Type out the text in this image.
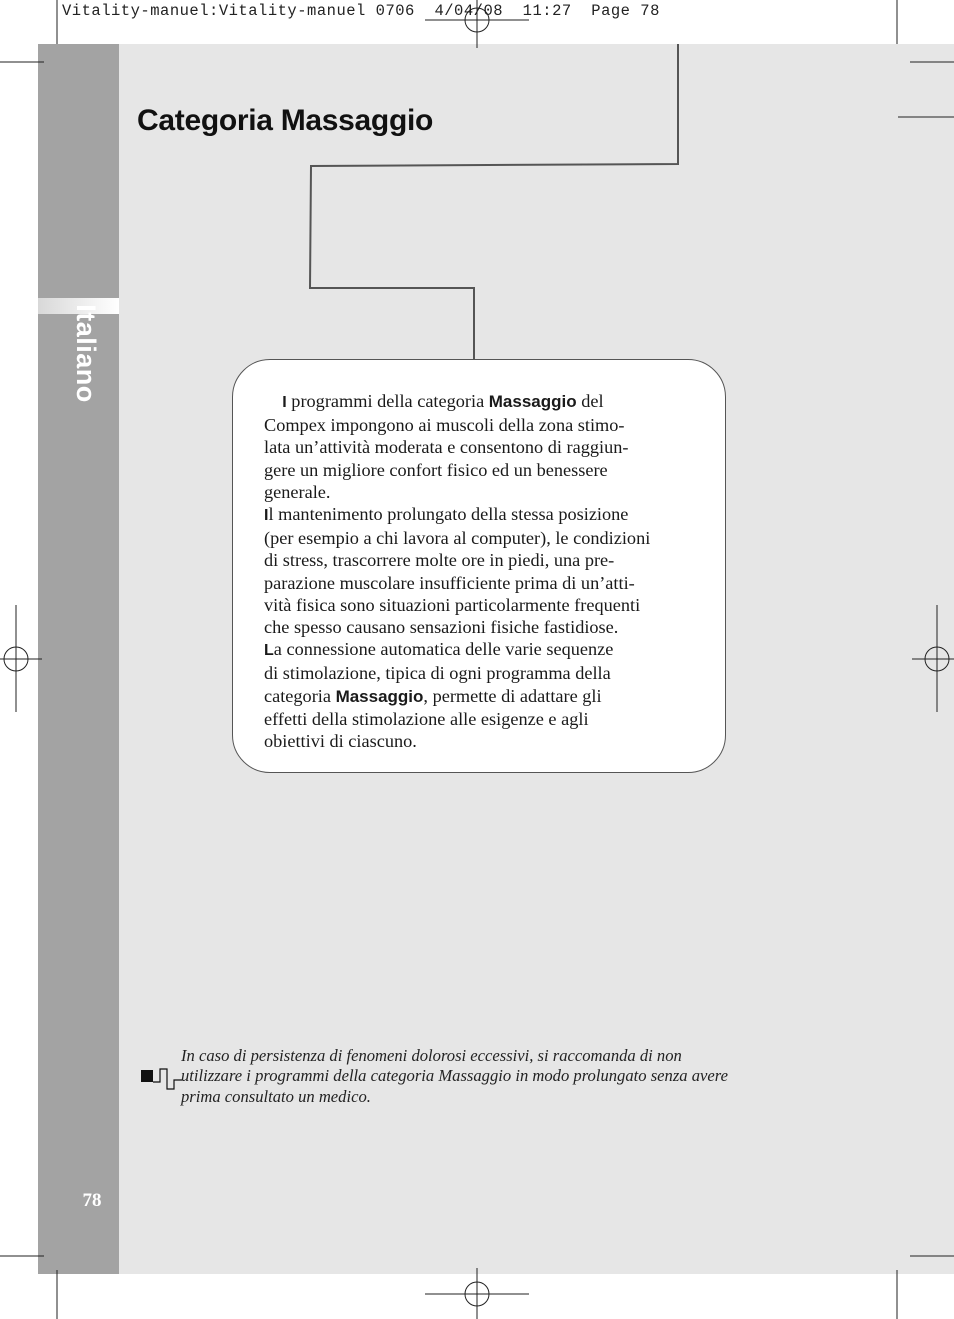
Italiano
78
Vitality-manuel:Vitality-manuel 0706  4/04/08  11:27  Page 78
Categoria Massaggio
 I programmi della categoria Massaggio del
Compex impongono ai muscoli della zona stimo-
lata un’attività moderata e consentono di raggiun-
gere un migliore confort fisico ed un benessere
generale.
Il mantenimento prolungato della stessa posizione
(per esempio a chi lavora al computer), le condizioni
di stress, trascorrere molte ore in piedi, una pre-
parazione muscolare insufficiente prima di un’atti-
vità fisica sono situazioni particolarmente frequenti
che spesso causano sensazioni fisiche fastidiose.
La connessione automatica delle varie sequenze
di stimolazione, tipica di ogni programma della
categoria Massaggio, permette di adattare gli
effetti della stimolazione alle esigenze e agli
obiettivi di ciascuno.
In caso di persistenza di fenomeni dolorosi eccessivi, si raccomanda di non
utilizzare i programmi della categoria Massaggio in modo prolungato senza avere
prima consultato un medico.
